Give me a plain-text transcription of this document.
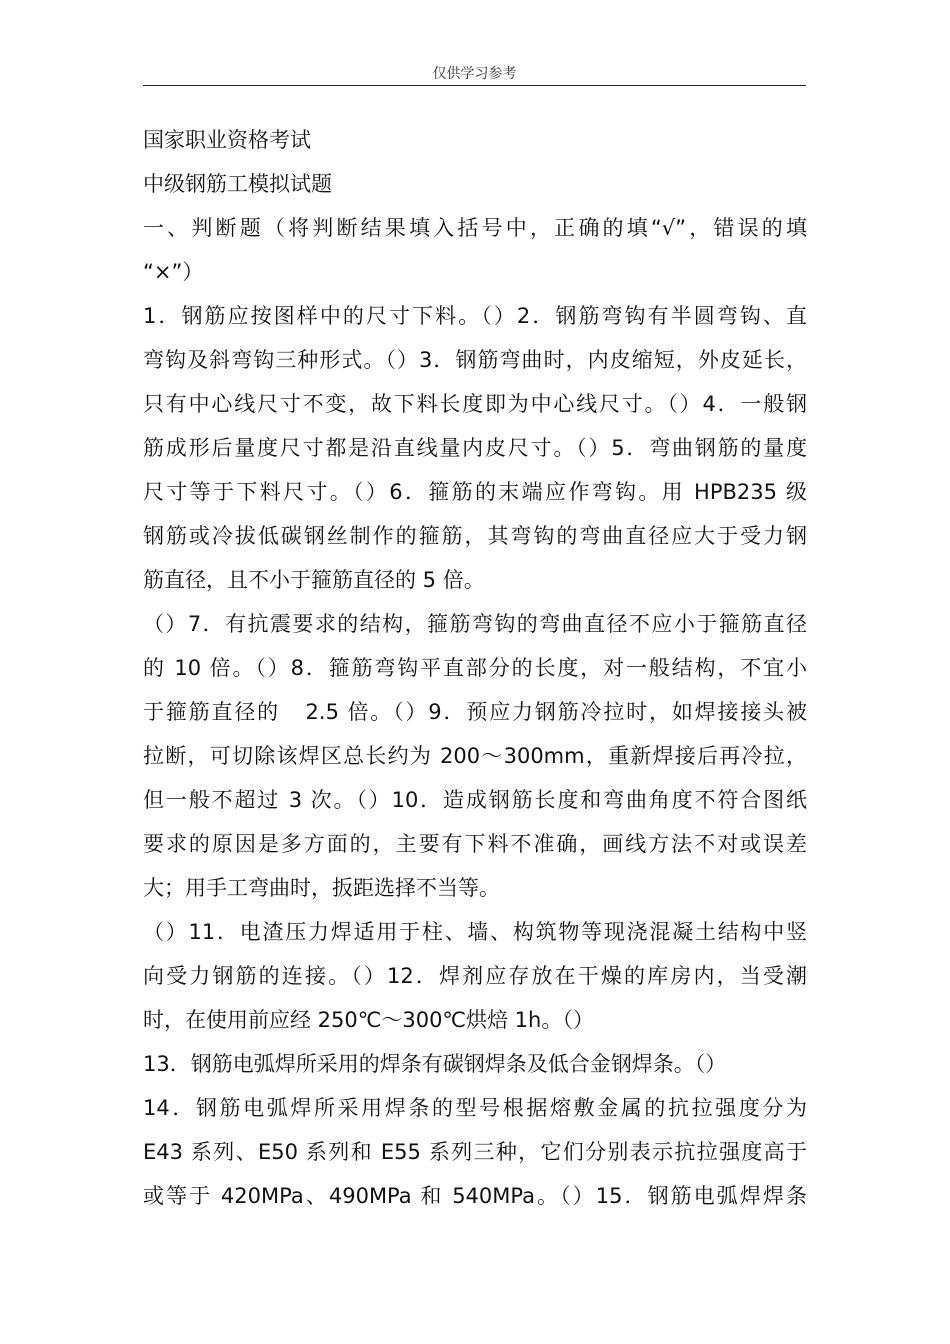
仅供学习参考
国家职业资格考试
中级钢筋工模拟试题
一、判断题（将判断结果填入括号中，正确的填“√”，错误的填
“×”）
1．钢筋应按图样中的尺寸下料。（）2．钢筋弯钩有半圆弯钩、直
弯钩及斜弯钩三种形式。（）3．钢筋弯曲时，内皮缩短，外皮延长，
只有中心线尺寸不变，故下料长度即为中心线尺寸。（）4．一般钢
筋成形后量度尺寸都是沿直线量内皮尺寸。（）5．弯曲钢筋的量度
尺寸等于下料尺寸。（）6．箍筋的末端应作弯钩。用 HPB235 级
钢筋或冷拔低碳钢丝制作的箍筋，其弯钩的弯曲直径应大于受力钢
筋直径，且不小于箍筋直径的 5 倍。
（）7．有抗震要求的结构，箍筋弯钩的弯曲直径不应小于箍筋直径
的 10 倍。（）8．箍筋弯钩平直部分的长度，对一般结构，不宜小
于箍筋直径的   2.5 倍。（）9．预应力钢筋冷拉时，如焊接接头被
拉断，可切除该焊区总长约为 200～300mm，重新焊接后再冷拉，
但一般不超过 3 次。（）10．造成钢筋长度和弯曲角度不符合图纸
要求的原因是多方面的，主要有下料不准确，画线方法不对或误差
大；用手工弯曲时，扳距选择不当等。
（）11．电渣压力焊适用于柱、墙、构筑物等现浇混凝土结构中竖
向受力钢筋的连接。（）12．焊剂应存放在干燥的库房内，当受潮
时，在使用前应经 250℃～300℃烘焙 1h。（）
13．钢筋电弧焊所采用的焊条有碳钢焊条及低合金钢焊条。（）
14．钢筋电弧焊所采用焊条的型号根据熔敷金属的抗拉强度分为
E43 系列、E50 系列和 E55 系列三种，它们分别表示抗拉强度高于
或等于 420MPa、490MPa 和 540MPa。（）15．钢筋电弧焊焊条
